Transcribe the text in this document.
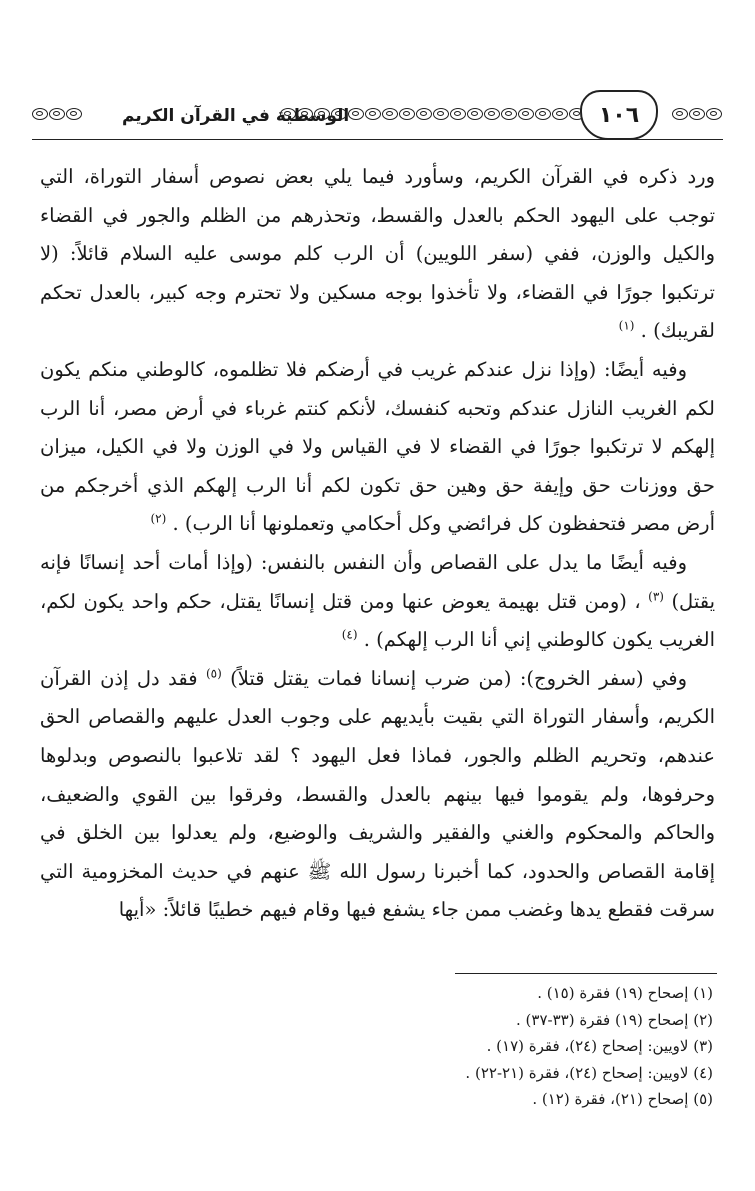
الوسطية في القرآن الكريم	١٠٦

ورد ذكره في القرآن الكريم، وسأورد فيما يلي بعض نصوص أسفار التوراة، التي توجب على اليهود الحكم بالعدل والقسط، وتحذرهم من الظلم والجور في القضاء والكيل والوزن، ففي (سفر اللويين) أن الرب كلم موسى عليه السلام قائلاً: (لا ترتكبوا جورًا في القضاء، ولا تأخذوا بوجه مسكين ولا تحترم وجه كبير، بالعدل تحكم لقريبك) . $^{(١)}$

وفيه أيضًا: (وإذا نزل عندكم غريب في أرضكم فلا تظلموه، كالوطني منكم يكون لكم الغريب النازل عندكم وتحبه كنفسك، لأنكم كنتم غرباء في أرض مصر، أنا الرب إلهكم لا ترتكبوا جورًا في القضاء لا في القياس ولا في الوزن ولا في الكيل، ميزان حق ووزنات حق وإيفة حق وهين حق تكون لكم أنا الرب إلهكم الذي أخرجكم من أرض مصر فتحفظون كل فرائضي وكل أحكامي وتعملونها أنا الرب) . $^{(٢)}$

وفيه أيضًا ما يدل على القصاص وأن النفس بالنفس: (وإذا أمات أحد إنسانًا فإنه يقتل) $^{(٣)}$ ، (ومن قتل بهيمة يعوض عنها ومن قتل إنسانًا يقتل، حكم واحد يكون لكم، الغريب يكون كالوطني إني أنا الرب إلهكم) . $^{(٤)}$

وفي (سفر الخروج): (من ضرب إنسانا فمات يقتل قتلاً) $^{(٥)}$ فقد دل إذن القرآن الكريم، وأسفار التوراة التي بقيت بأيديهم على وجوب العدل عليهم والقصاص الحق عندهم، وتحريم الظلم والجور، فماذا فعل اليهود ؟ لقد تلاعبوا بالنصوص وبدلوها وحرفوها، ولم يقوموا فيها بينهم بالعدل والقسط، وفرقوا بين القوي والضعيف، والحاكم والمحكوم والغني والفقير والشريف والوضيع، ولم يعدلوا بين الخلق في إقامة القصاص والحدود، كما أخبرنا رسول الله ﷺ عنهم في حديث المخزومية التي سرقت فقطع يدها وغضب ممن جاء يشفع فيها وقام فيهم خطيبًا قائلاً: «أيها

(١) إصحاح (١٩) فقرة (١٥) .
(٢) إصحاح (١٩) فقرة (٣٣-٣٧) .
(٣) لاويين: إصحاح (٢٤)، فقرة (١٧) .
(٤) لاويين: إصحاح (٢٤)، فقرة (٢١-٢٢) .
(٥) إصحاح (٢١)، فقرة (١٢) .
